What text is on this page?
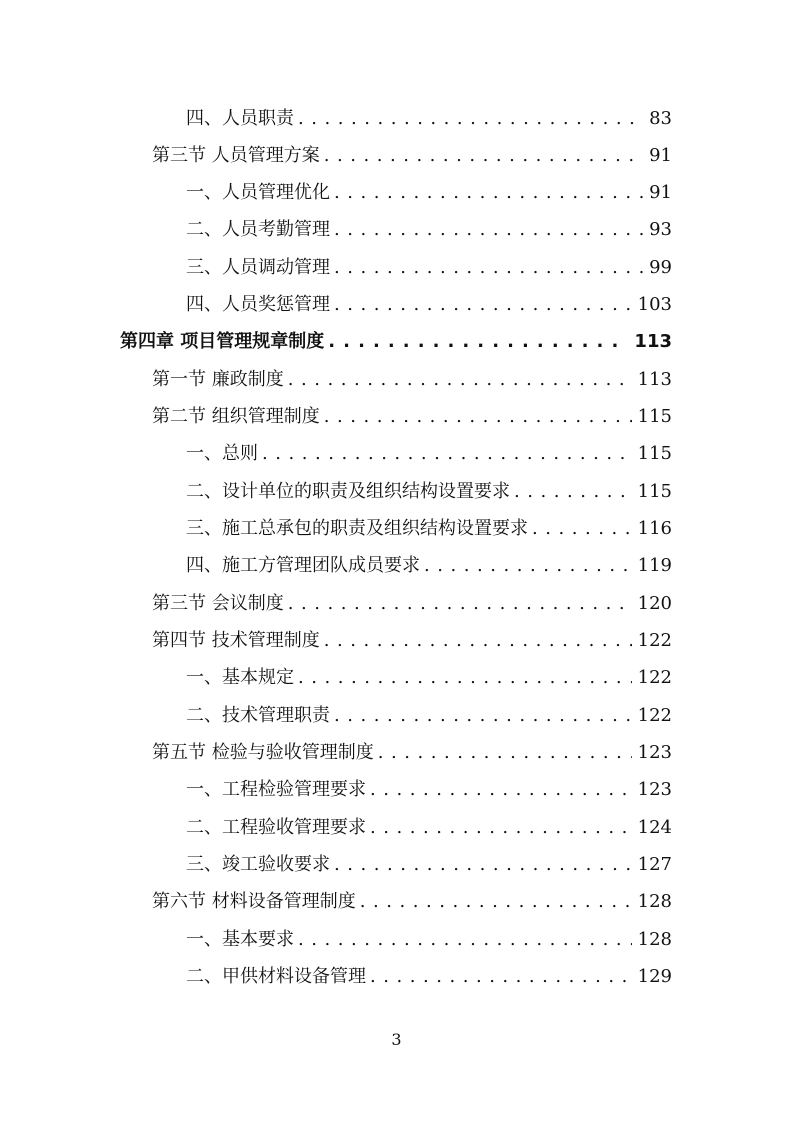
四、人员职责 . . .	83
第三节 人员管理方案 . . .	91
一、人员管理优化 . . .	91
二、人员考勤管理 . . .	93
三、人员调动管理 . . .	99
四、人员奖惩管理 . . .	103
第四章 项目管理规章制度 . . .	113
第一节 廉政制度 . . .	113
第二节 组织管理制度 . . .	115
一、总则 . . .	115
二、设计单位的职责及组织结构设置要求 . . .	115
三、施工总承包的职责及组织结构设置要求 . . .	116
四、施工方管理团队成员要求 . . .	119
第三节 会议制度 . . .	120
第四节 技术管理制度 . . .	122
一、基本规定 . . .	122
二、技术管理职责 . . .	122
第五节 检验与验收管理制度 . . .	123
一、工程检验管理要求 . . .	123
二、工程验收管理要求 . . .	124
三、竣工验收要求 . . .	127
第六节 材料设备管理制度 . . .	128
一、基本要求 . . .	128
二、甲供材料设备管理 . . .	129
3
